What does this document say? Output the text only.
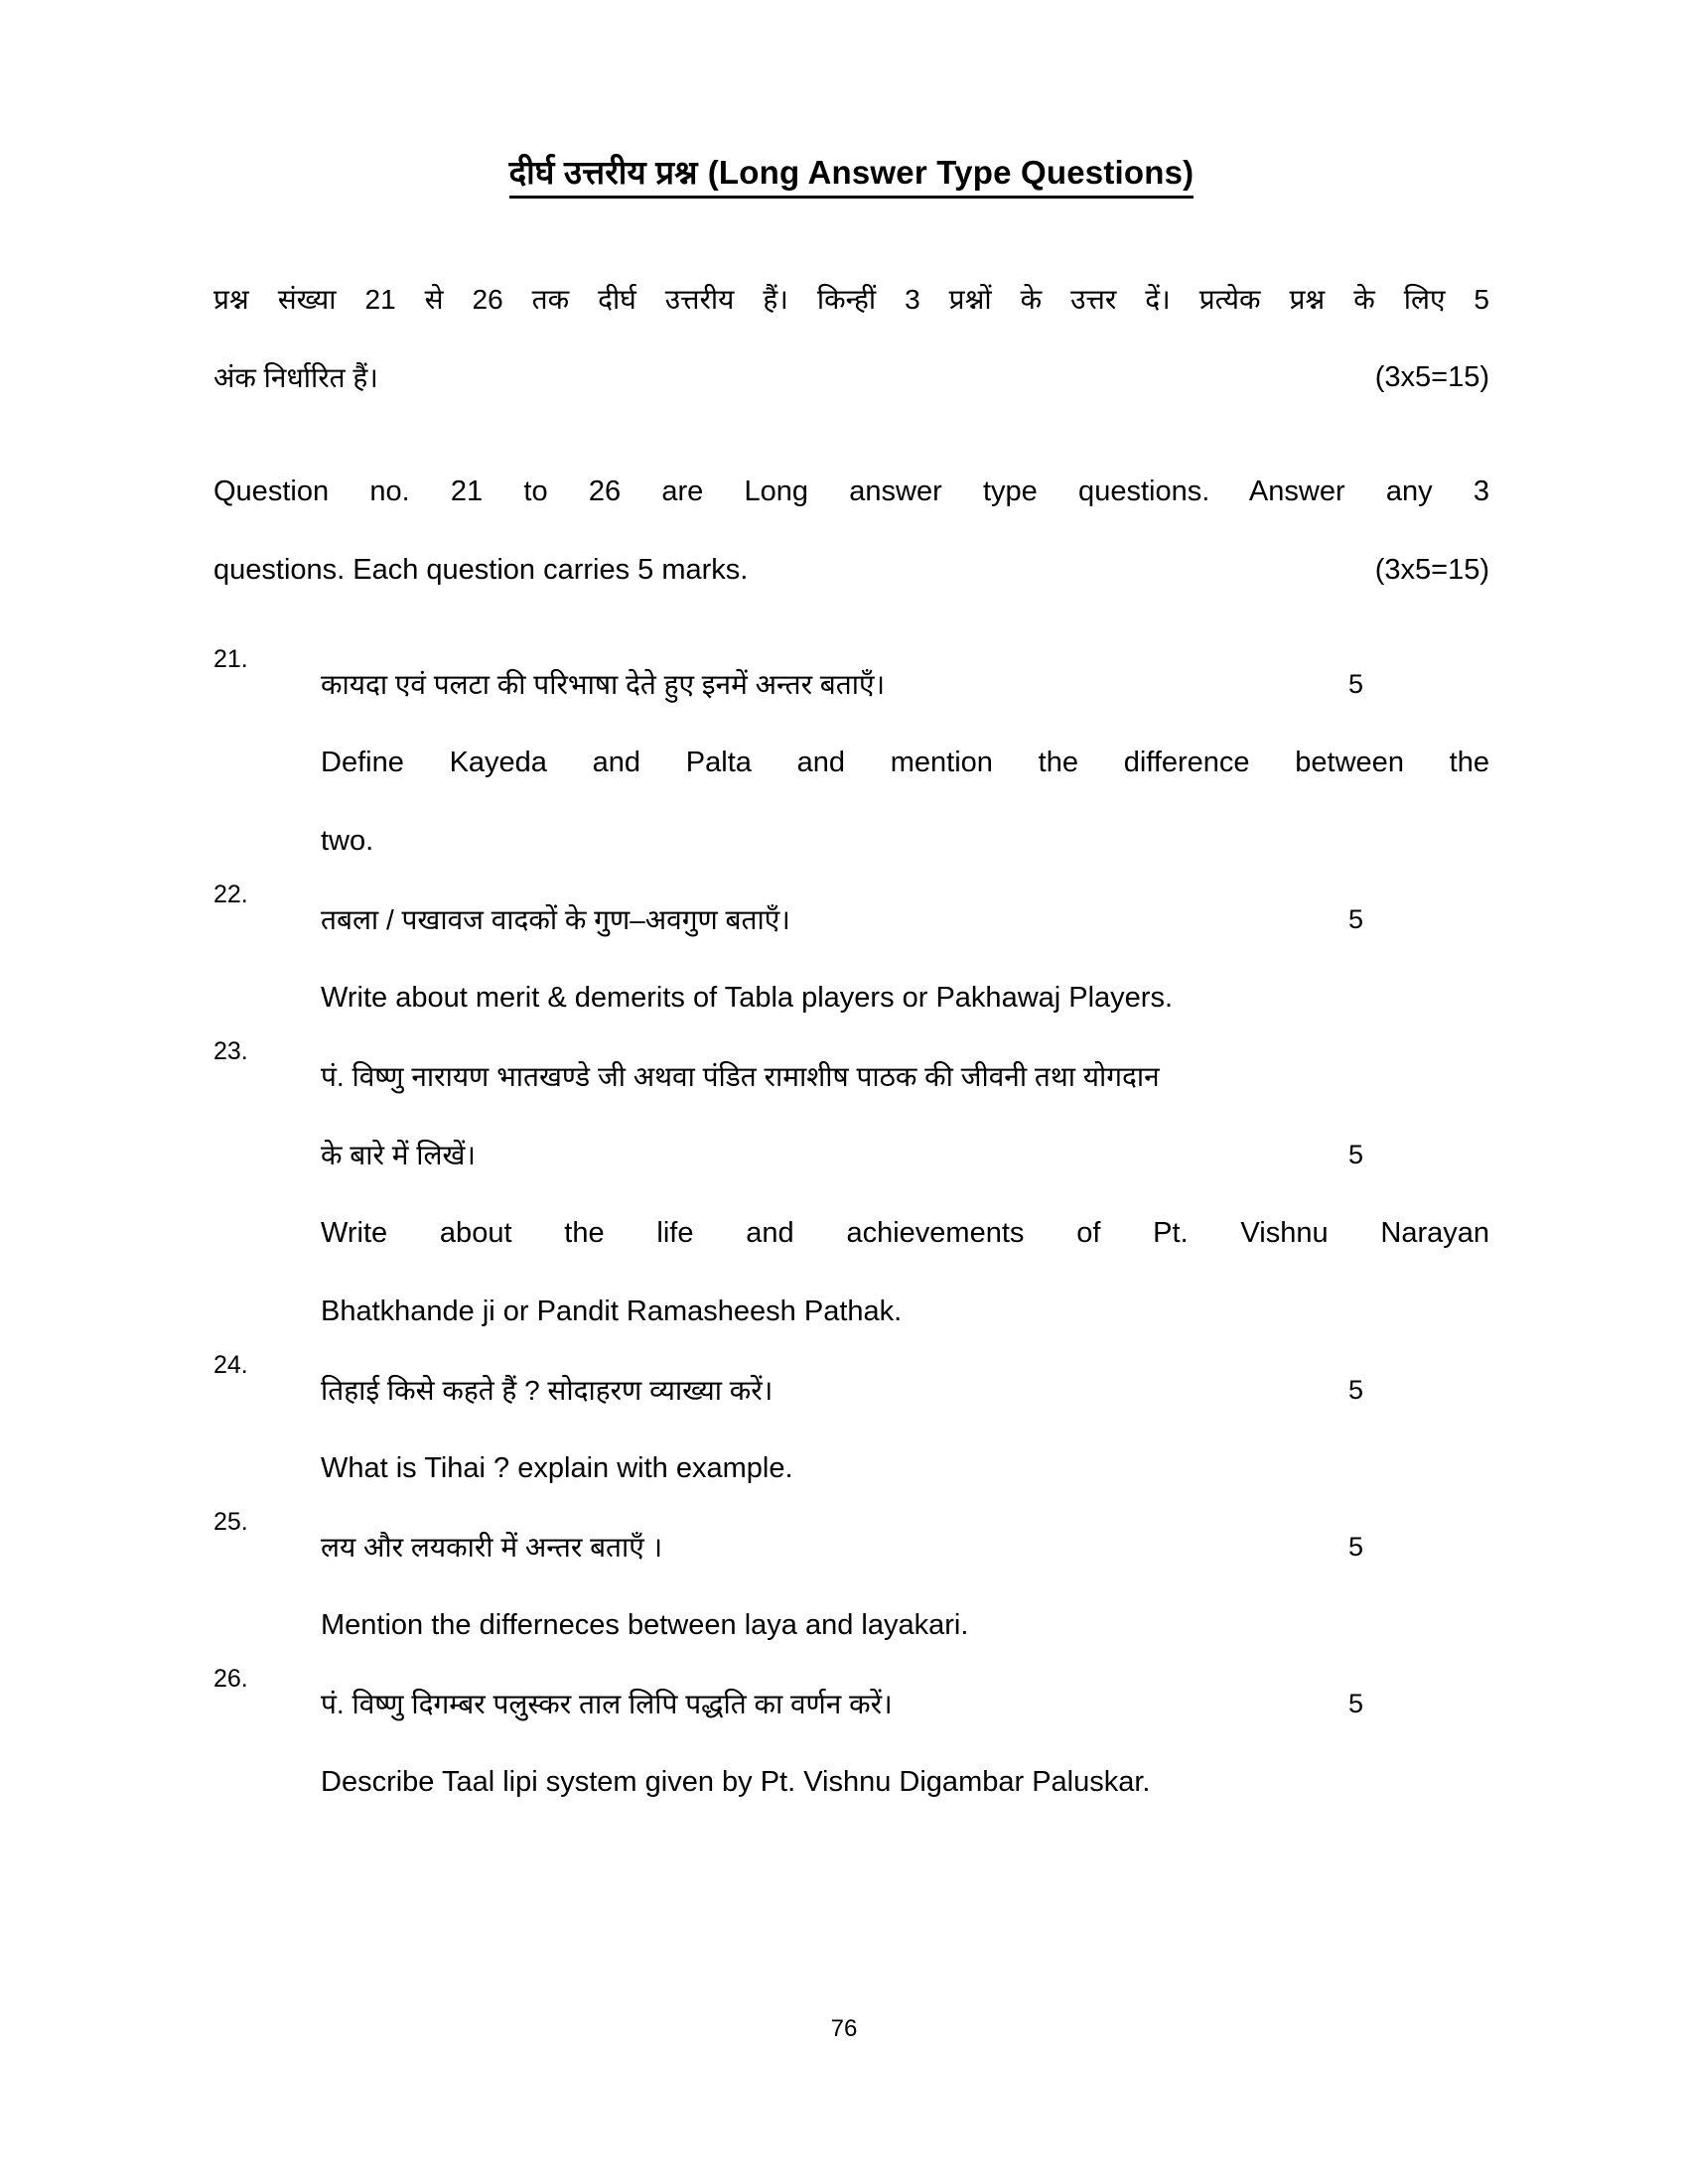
दीर्घ उत्तरीय प्रश्न (Long Answer Type Questions)
प्रश्न संख्या 21 से 26 तक दीर्घ उत्तरीय हैं। किन्हीं 3 प्रश्नों के उत्तर दें। प्रत्येक प्रश्न के लिए 5
अंक निर्धारित हैं।	(3x5=15)
Question no. 21 to 26 are Long answer type questions. Answer any 3
questions. Each question carries 5 marks.	(3x5=15)
21.
कायदा एवं पलटा की परिभाषा देते हुए इनमें अन्तर बताएँ।	5
Define Kayeda and Palta and mention the difference between the
two.
22.
तबला / पखावज वादकों के गुण–अवगुण बताएँ।	5
Write about merit & demerits of Tabla players or Pakhawaj Players.
23.
पं. विष्णु नारायण भातखण्डे जी अथवा पंडित रामाशीष पाठक की जीवनी तथा योगदान
के बारे में लिखें।	5
Write about the life and achievements of Pt. Vishnu Narayan
Bhatkhande ji or Pandit Ramasheesh Pathak.
24.
तिहाई किसे कहते हैं ? सोदाहरण व्याख्या करें।	5
What is Tihai ? explain with example.
25.
लय और लयकारी में अन्तर बताएँ ।	5
Mention the differneces between laya and layakari.
26.
पं. विष्णु दिगम्बर पलुस्कर ताल लिपि पद्धति का वर्णन करें।	5
Describe Taal lipi system given by Pt. Vishnu Digambar Paluskar.
76
